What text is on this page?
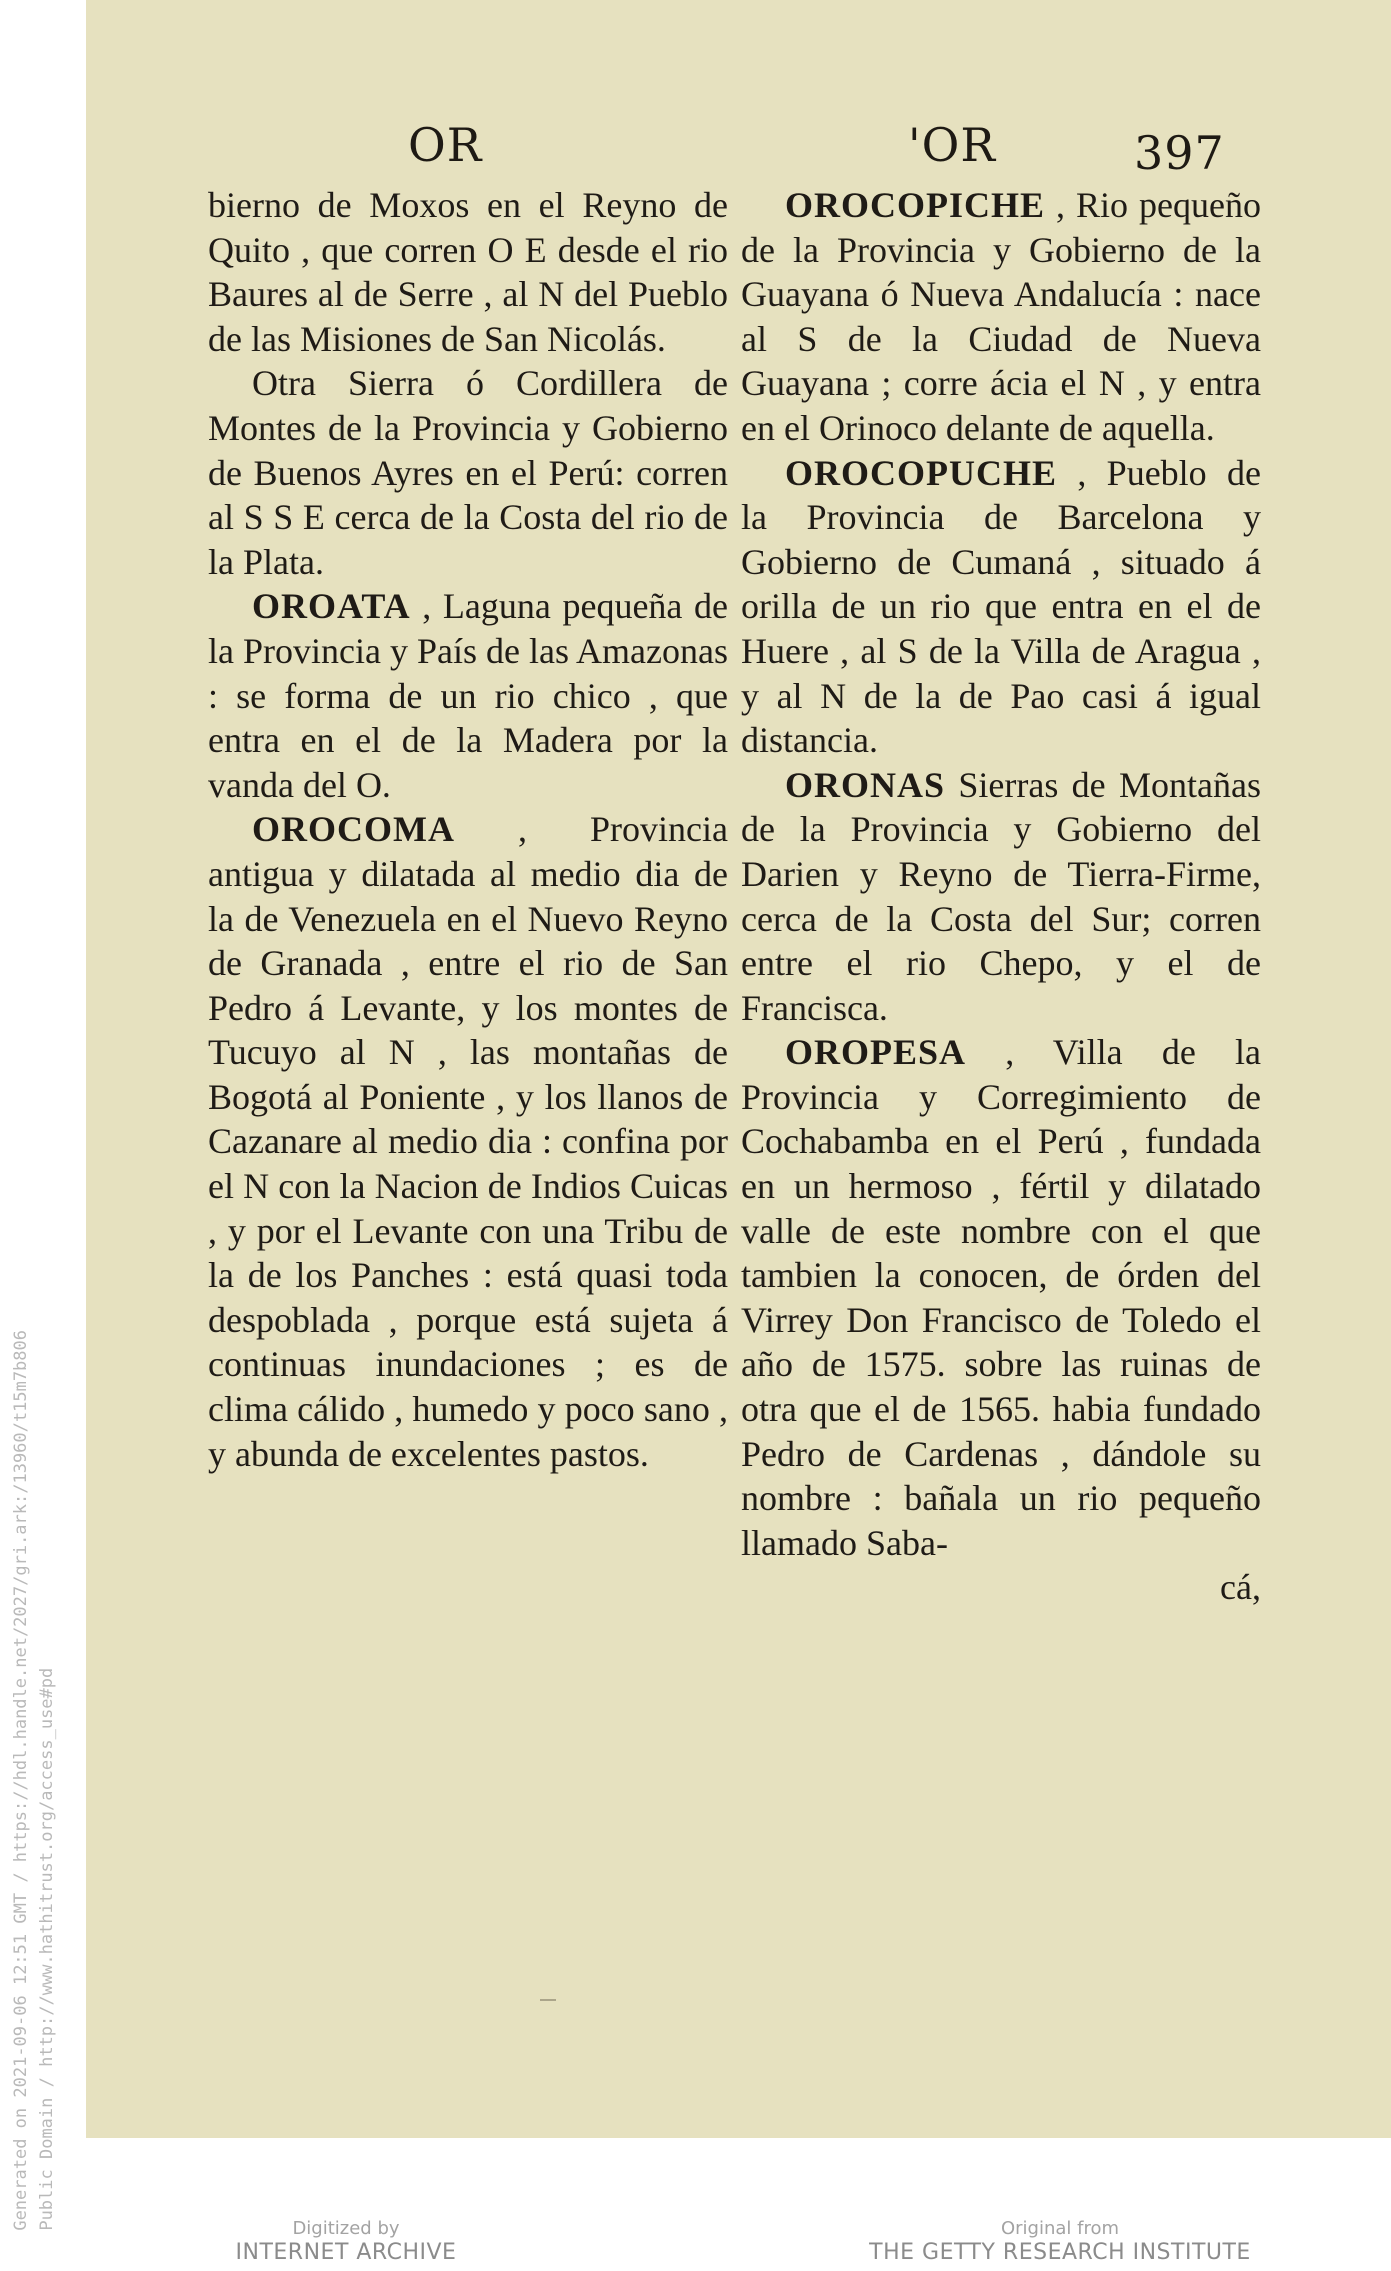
Generated on 2021-09-06 12:51 GMT / https://hdl.handle.net/2027/gri.ark:/13960/t15m7b806 Public Domain / http://www.hathitrust.org/access_use#pd
OR	'OR	397

bierno de Moxos en el Reyno de Quito , que corren O E desde el rio Baures al de Serre , al N del Pueblo de las Misiones de San Nicolás.

Otra Sierra ó Cordillera de Montes de la Provincia y Gobierno de Buenos Ayres en el Perú: corren al S S E cerca de la Costa del rio de la Plata.

OROATA , Laguna pequeña de la Provincia y País de las Amazonas : se forma de un rio chico , que entra en el de la Madera por la vanda del O.

OROCOMA , Provincia antigua y dilatada al medio dia de la de Venezuela en el Nuevo Reyno de Granada , entre el rio de San Pedro á Levante, y los montes de Tucuyo al N , las montañas de Bogotá al Poniente , y los llanos de Cazanare al medio dia : confina por el N con la Nacion de Indios Cuicas , y por el Levante con una Tribu de la de los Panches : está quasi toda despoblada , porque está sujeta á continuas inundaciones ; es de clima cálido , humedo y poco sano , y abunda de excelentes pastos.

OROCOPICHE , Rio pequeño de la Provincia y Gobierno de la Guayana ó Nueva Andalucía : nace al S de la Ciudad de Nueva Guayana ; corre ácia el N , y entra en el Orinoco delante de aquella.

OROCOPUCHE , Pueblo de la Provincia de Barcelona y Gobierno de Cumaná , situado á orilla de un rio que entra en el de Huere , al S de la Villa de Aragua , y al N de la de Pao casi á igual distancia.

ORONAS Sierras de Montañas de la Provincia y Gobierno del Darien y Reyno de Tierra-Firme, cerca de la Costa del Sur; corren entre el rio Chepo, y el de Francisca.

OROPESA , Villa de la Provincia y Corregimiento de Cochabamba en el Perú , fundada en un hermoso , fértil y dilatado valle de este nombre con el que tambien la conocen, de órden del Virrey Don Francisco de Toledo el año de 1575. sobre las ruinas de otra que el de 1565. habia fundado Pedro de Cardenas , dándole su nombre : bañala un rio pequeño llamado Saba-

cá,

Digitized by
INTERNET ARCHIVE
Original from
THE GETTY RESEARCH INSTITUTE
